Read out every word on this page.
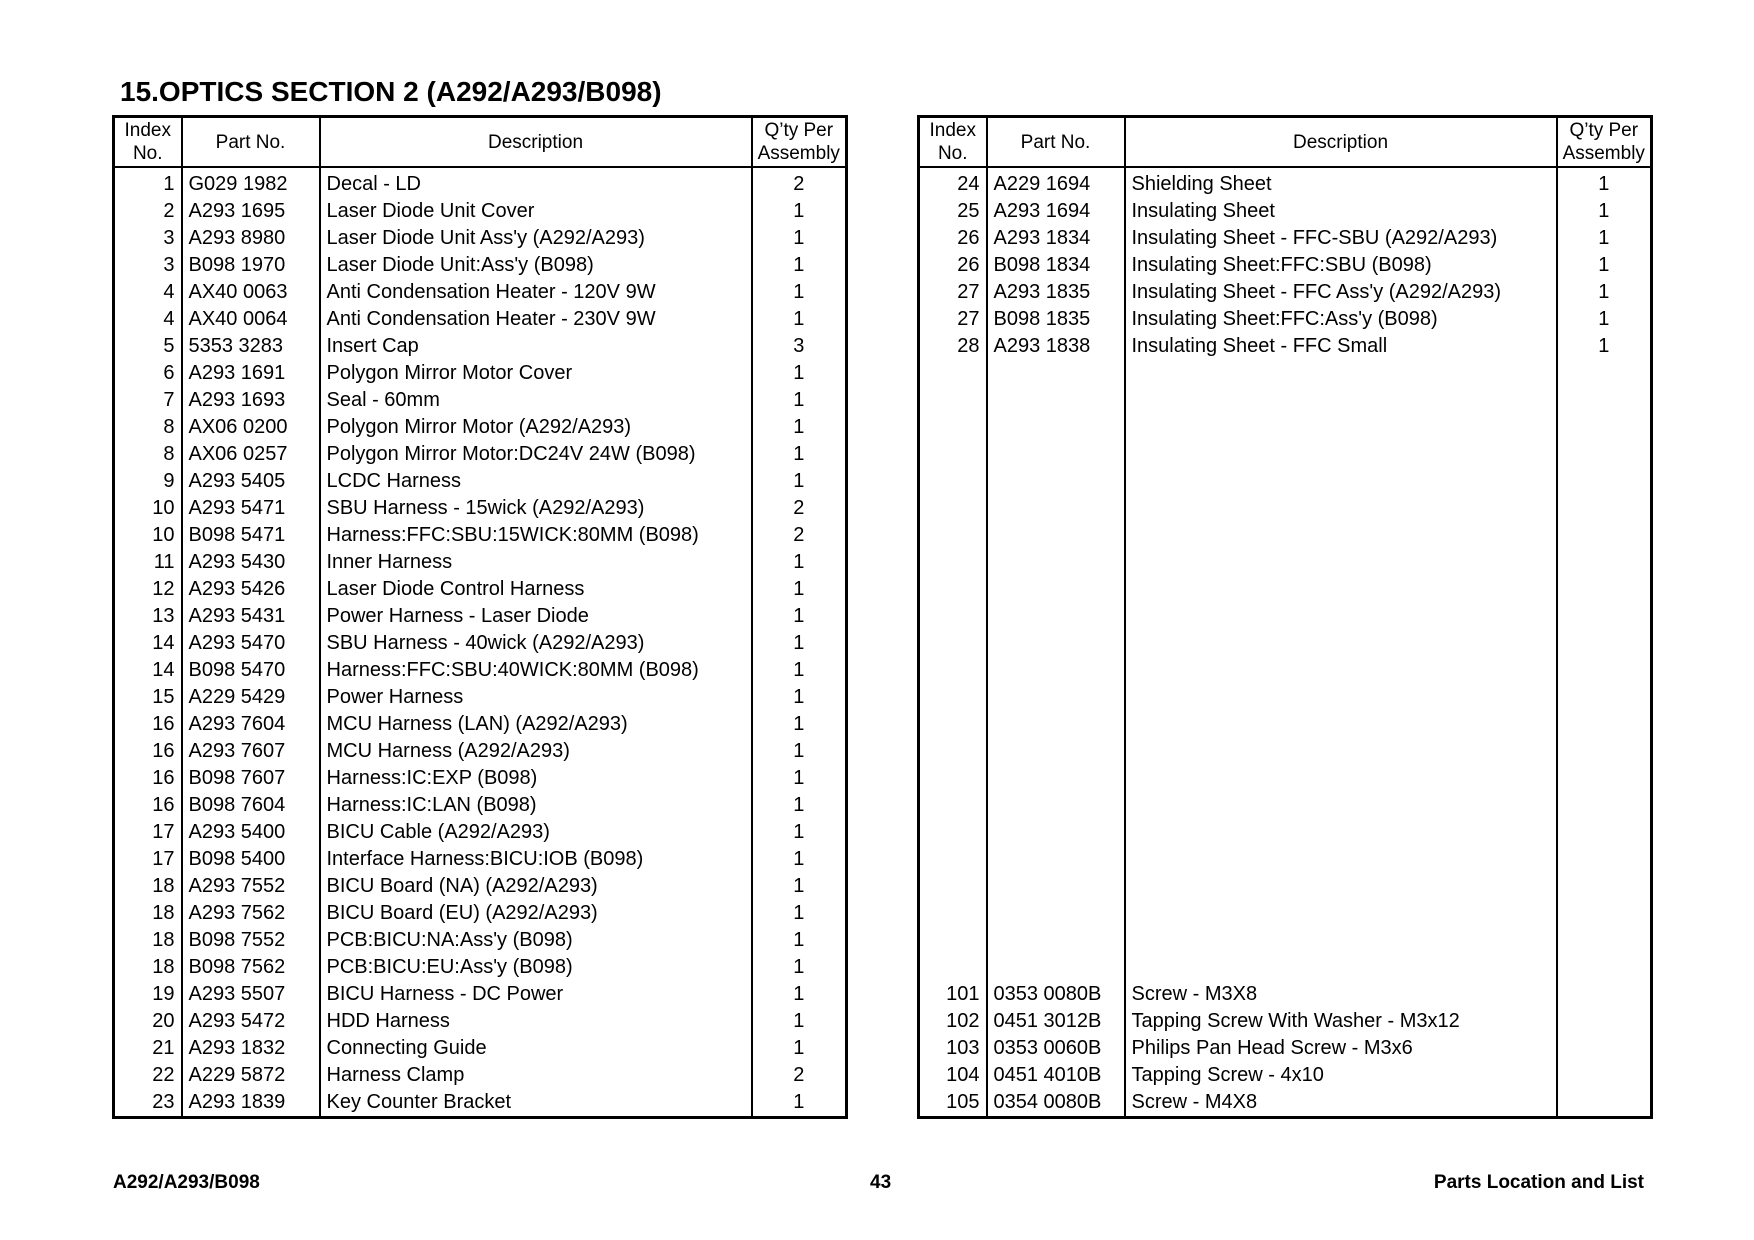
15.OPTICS SECTION 2 (A292/A293/B098)
Index No.	Part No.	Description	Q’ty Per Assembly
1	G029 1982	Decal - LD	2
2	A293 1695	Laser Diode Unit Cover	1
3	A293 8980	Laser Diode Unit Ass'y (A292/A293)	1
3	B098 1970	Laser Diode Unit:Ass'y (B098)	1
4	AX40 0063	Anti Condensation Heater - 120V 9W	1
4	AX40 0064	Anti Condensation Heater - 230V 9W	1
5	5353 3283	Insert Cap	3
6	A293 1691	Polygon Mirror Motor Cover	1
7	A293 1693	Seal - 60mm	1
8	AX06 0200	Polygon Mirror Motor (A292/A293)	1
8	AX06 0257	Polygon Mirror Motor:DC24V 24W (B098)	1
9	A293 5405	LCDC Harness	1
10	A293 5471	SBU Harness - 15wick (A292/A293)	2
10	B098 5471	Harness:FFC:SBU:15WICK:80MM (B098)	2
11	A293 5430	Inner Harness	1
12	A293 5426	Laser Diode Control Harness	1
13	A293 5431	Power Harness - Laser Diode	1
14	A293 5470	SBU Harness - 40wick (A292/A293)	1
14	B098 5470	Harness:FFC:SBU:40WICK:80MM (B098)	1
15	A229 5429	Power Harness	1
16	A293 7604	MCU Harness (LAN) (A292/A293)	1
16	A293 7607	MCU Harness (A292/A293)	1
16	B098 7607	Harness:IC:EXP (B098)	1
16	B098 7604	Harness:IC:LAN (B098)	1
17	A293 5400	BICU Cable (A292/A293)	1
17	B098 5400	Interface Harness:BICU:IOB (B098)	1
18	A293 7552	BICU Board (NA) (A292/A293)	1
18	A293 7562	BICU Board (EU) (A292/A293)	1
18	B098 7552	PCB:BICU:NA:Ass'y (B098)	1
18	B098 7562	PCB:BICU:EU:Ass'y (B098)	1
19	A293 5507	BICU Harness - DC Power	1
20	A293 5472	HDD Harness	1
21	A293 1832	Connecting Guide	1
22	A229 5872	Harness Clamp	2
23	A293 1839	Key Counter Bracket	1
Index No.	Part No.	Description	Q’ty Per Assembly
24	A229 1694	Shielding Sheet	1
25	A293 1694	Insulating Sheet	1
26	A293 1834	Insulating Sheet - FFC-SBU (A292/A293)	1
26	B098 1834	Insulating Sheet:FFC:SBU (B098)	1
27	A293 1835	Insulating Sheet - FFC Ass'y (A292/A293)	1
27	B098 1835	Insulating Sheet:FFC:Ass'y (B098)	1
28	A293 1838	Insulating Sheet - FFC Small	1

101	0353 0080B	Screw - M3X8	
102	0451 3012B	Tapping Screw With Washer - M3x12	
103	0353 0060B	Philips Pan Head Screw - M3x6	
104	0451 4010B	Tapping Screw - 4x10	
105	0354 0080B	Screw - M4X8	
A292/A293/B098	43	Parts Location and List
